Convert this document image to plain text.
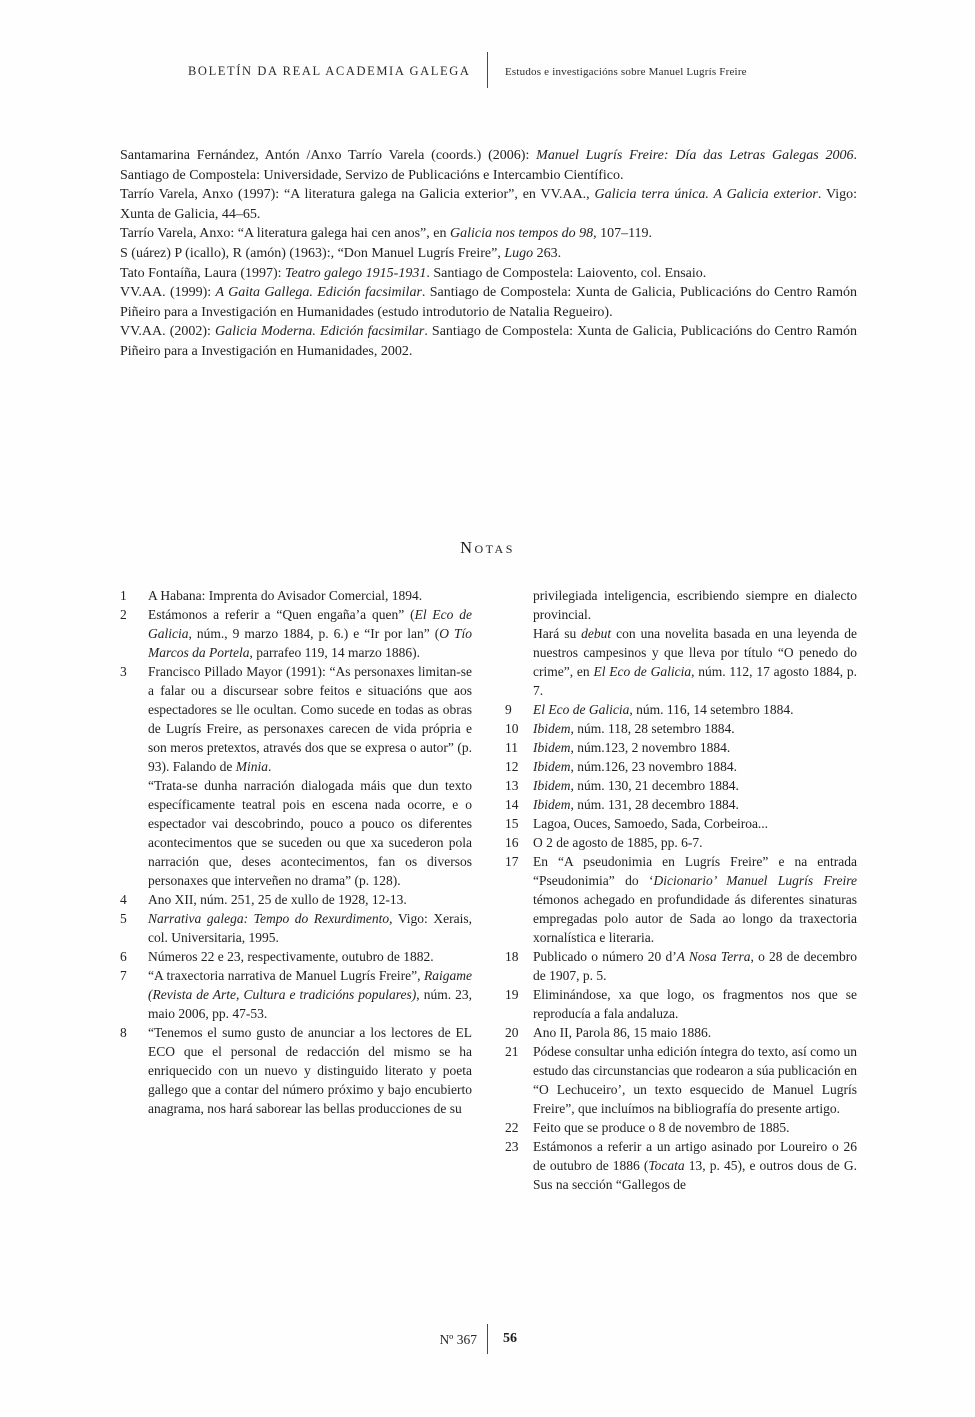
BOLETÍN DA REAL ACADEMIA GALEGA	Estudos e investigacións sobre Manuel Lugrís Freire

Santamarina Fernández, Antón /Anxo Tarrío Varela (coords.) (2006): Manuel Lugrís Freire: Día das Letras Galegas 2006. Santiago de Compostela: Universidade, Servizo de Publicacións e Intercambio Científico.

Tarrío Varela, Anxo (1997): “A literatura galega na Galicia exterior”, en VV.AA., Galicia terra única. A Galicia exterior. Vigo: Xunta de Galicia, 44–65.

Tarrío Varela, Anxo: “A literatura galega hai cen anos”, en Galicia nos tempos do 98, 107–119.

S (uárez) P (icallo), R (amón) (1963):, “Don Manuel Lugrís Freire”, Lugo 263.

Tato Fontaíña, Laura (1997): Teatro galego 1915-1931. Santiago de Compostela: Laiovento, col. Ensaio.

VV.AA. (1999): A Gaita Gallega. Edición facsimilar. Santiago de Compostela: Xunta de Galicia, Publicacións do Centro Ramón Piñeiro para a Investigación en Humanidades (estudo introdutorio de Natalia Regueiro).

VV.AA. (2002): Galicia Moderna. Edición facsimilar. Santiago de Compostela: Xunta de Galicia, Publicacións do Centro Ramón Piñeiro para a Investigación en Humanidades, 2002.

Notas
1	A Habana: Imprenta do Avisador Comercial, 1894.
2	Estámonos a referir a “Quen engaña’a quen” (El Eco de Galicia, núm., 9 marzo 1884, p. 6.) e “Ir por lan” (O Tío Marcos da Portela, parrafeo 119, 14 marzo 1886).
3	Francisco Pillado Mayor (1991): “As personaxes limitan-se a falar ou a discursear sobre feitos e situacións que aos espectadores se lle ocultan. Como sucede en todas as obras de Lugrís Freire, as personaxes carecen de vida própria e son meros pretextos, através dos que se expresa o autor” (p. 93). Falando de Minia.
“Trata-se dunha narración dialogada máis que dun texto específicamente teatral pois en escena nada ocorre, e o espectador vai descobrindo, pouco a pouco os diferentes acontecimentos que se suceden ou que xa sucederon pola narración que, deses acontecimentos, fan os diversos personaxes que interveñen no drama” (p. 128).
4	Ano XII, núm. 251, 25 de xullo de 1928, 12-13.
5	Narrativa galega: Tempo do Rexurdimento, Vigo: Xerais, col. Universitaria, 1995.
6	Números 22 e 23, respectivamente, outubro de 1882.
7	“A traxectoria narrativa de Manuel Lugrís Freire”, Raigame (Revista de Arte, Cultura e tradicións populares), núm. 23, maio 2006, pp. 47-53.
8	“Tenemos el sumo gusto de anunciar a los lectores de EL ECO que el personal de redacción del mismo se ha enriquecido con un nuevo y distinguido literato y poeta gallego que a contar del número próximo y bajo encubierto anagrama, nos hará saborear las bellas producciones de su
privilegiada inteligencia, escribiendo siempre en dialecto provincial.
Hará su debut con una novelita basada en una leyenda de nuestros campesinos y que lleva por título “O penedo do crime”, en El Eco de Galicia, núm. 112, 17 agosto 1884, p. 7.
9	El Eco de Galicia, núm. 116, 14 setembro 1884.
10	Ibidem, núm. 118, 28 setembro 1884.
11	Ibidem, núm.123, 2 novembro 1884.
12	Ibidem, núm.126, 23 novembro 1884.
13	Ibidem, núm. 130, 21 decembro 1884.
14	Ibidem, núm. 131, 28 decembro 1884.
15	Lagoa, Ouces, Samoedo, Sada, Corbeiroa...
16	O 2 de agosto de 1885, pp. 6-7.
17	En “A pseudonimia en Lugrís Freire” e na entrada “Pseudonimia” do ‘Dicionario’ Manuel Lugrís Freire témonos achegado en profundidade ás diferentes sinaturas empregadas polo autor de Sada ao longo da traxectoria xornalística e literaria.
18	Publicado o número 20 d’A Nosa Terra, o 28 de decembro de 1907, p. 5.
19	Eliminándose, xa que logo, os fragmentos nos que se reproducía a fala andaluza.
20	Ano II, Parola 86, 15 maio 1886.
21	Pódese consultar unha edición íntegra do texto, así como un estudo das circunstancias que rodearon a súa publicación en “O Lechuceiro’, un texto esquecido de Manuel Lugrís Freire”, que incluímos na bibliografía do presente artigo.
22	Feito que se produce o 8 de novembro de 1885.
23	Estámonos a referir a un artigo asinado por Loureiro o 26 de outubro de 1886 (Tocata 13, p. 45), e outros dous de G. Sus na sección “Gallegos de
Nº 367 56
